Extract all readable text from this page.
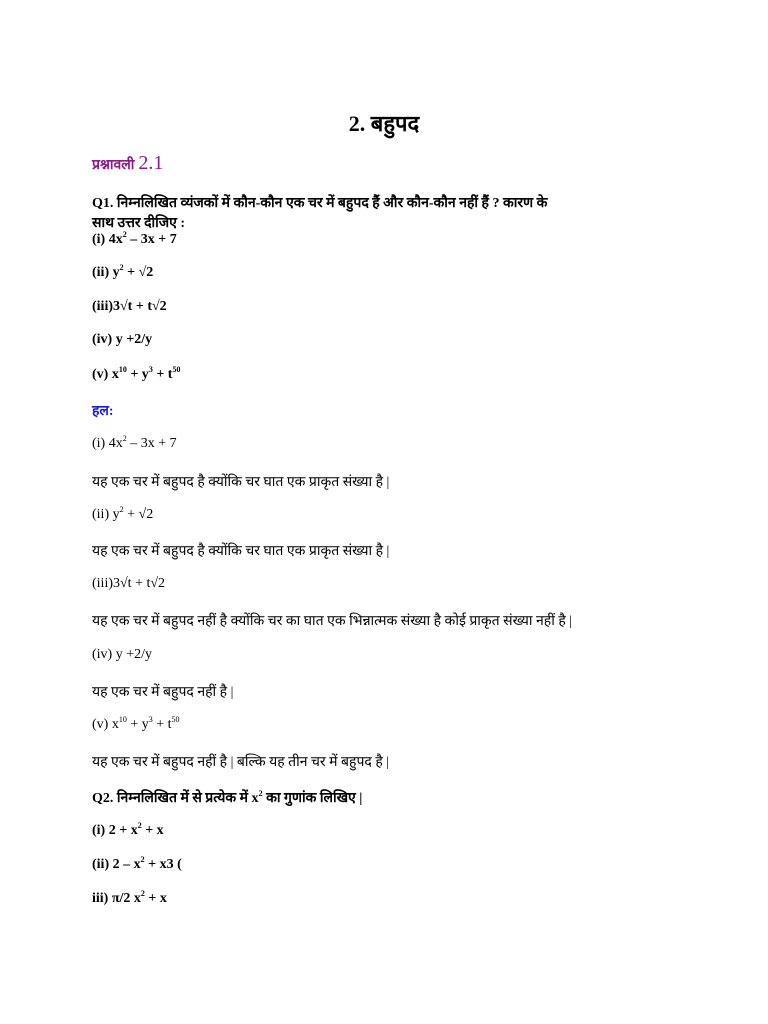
2. बहुपद
प्रश्नावली 2.1
Q1. निम्नलिखित व्यंजकों में कौन-कौन एक चर में बहुपद हैं और कौन-कौन नहीं हैं ? कारण के
साथ उत्तर दीजिए :
(i) $4x^2 - 3x + 7$
(ii) $y^2 + √2$
(iii)3√t + t√2
(iv) y +2/y
(v) $x^{10} + y^3 + t^{50}$
हल:
(i) $4x^2 - 3x + 7$
यह एक चर में बहुपद है क्योंकि चर घात एक प्राकृत संख्या है |
(ii) $y^2 + √2$
यह एक चर में बहुपद है क्योंकि चर घात एक प्राकृत संख्या है |
(iii)3√t + t√2
यह एक चर में बहुपद नहीं है क्योंकि चर का घात एक भिन्नात्मक संख्या है कोई प्राकृत संख्या नहीं है |
(iv) y +2/y
यह एक चर में बहुपद नहीं है |
(v) $x^{10} + y^3 + t^{50}$
यह एक चर में बहुपद नहीं है | बल्कि यह तीन चर में बहुपद है |
Q2. निम्नलिखित में से प्रत्येक में $x^2$ का गुणांक लिखिए |
(i) $2 + x^2 + x$
(ii) $2 - x^2 + x3$ (
iii) π/2 $x^2 + x$
